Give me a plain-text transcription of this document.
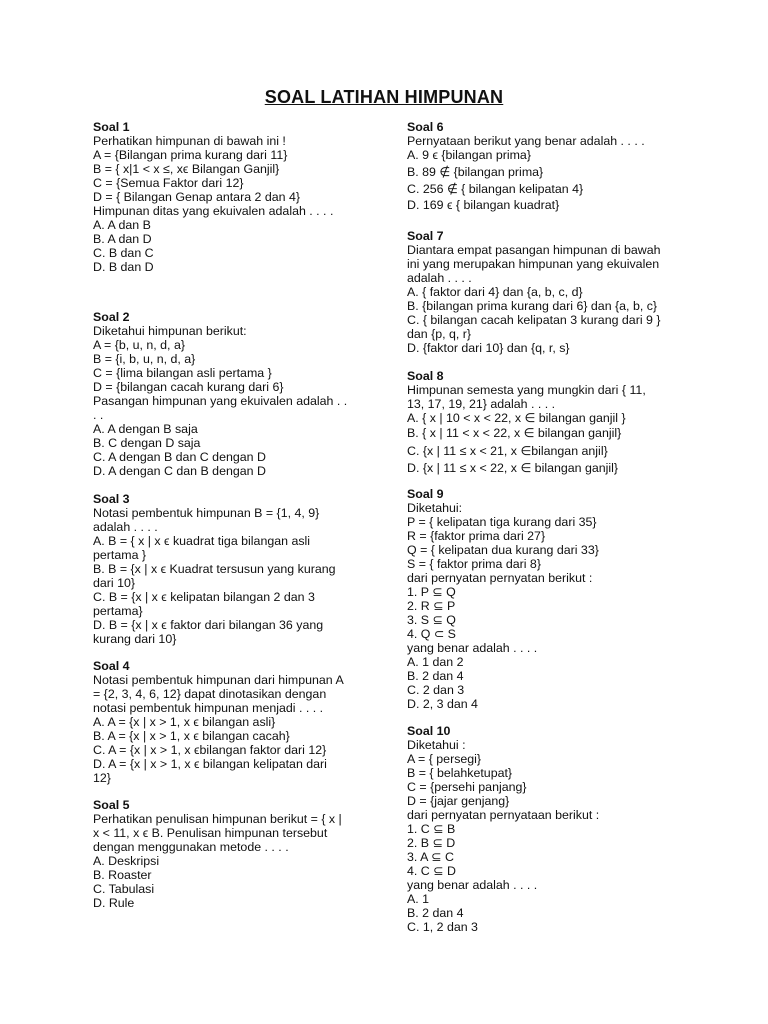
SOAL LATIHAN HIMPUNAN
Soal 1
Perhatikan himpunan di bawah ini !
A = {Bilangan prima kurang dari 11}
B = { x|1 < x ≤, xϵ Bilangan Ganjil}
C = {Semua Faktor dari 12}
D = { Bilangan Genap antara 2 dan 4}
Himpunan ditas yang ekuivalen adalah . . . .
A. A dan B
B. A dan D
C. B dan C
D. B dan D
Soal 2
Diketahui himpunan berikut:
A = {b, u, n, d, a}
B = {i, b, u, n, d, a}
C = {lima bilangan asli pertama }
D = {bilangan cacah kurang dari 6}
Pasangan himpunan yang ekuivalen adalah . .
. .
A. A dengan B saja
B. C dengan D saja
C. A dengan B dan C dengan D
D. A dengan C dan B dengan D
Soal 3
Notasi pembentuk himpunan B = {1, 4, 9}
adalah . . . .
A. B = { x | x ϵ kuadrat tiga bilangan asli
pertama }
B. B = {x | x ϵ Kuadrat tersusun yang kurang
dari 10}
C. B = {x | x ϵ kelipatan bilangan 2 dan 3
pertama}
D. B = {x | x ϵ faktor dari bilangan 36 yang
kurang dari 10}
Soal 4
Notasi pembentuk himpunan dari himpunan A
= {2, 3, 4, 6, 12} dapat dinotasikan dengan
notasi pembentuk himpunan menjadi . . . .
A. A = {x | x > 1, x ϵ bilangan asli}
B. A = {x | x > 1, x ϵ bilangan cacah}
C. A = {x | x > 1, x ϵbilangan faktor dari 12}
D. A = {x | x > 1, x ϵ bilangan kelipatan dari
12}
Soal 5
Perhatikan penulisan himpunan berikut = { x |
x < 11, x ϵ B. Penulisan himpunan tersebut
dengan menggunakan metode . . . .
A. Deskripsi
B. Roaster
C. Tabulasi
D. Rule
Soal 6
Pernyataan berikut yang benar adalah . . . .
A. 9 ϵ {bilangan prima}
B. 89 ∉ {bilangan prima}
C. 256 ∉ { bilangan kelipatan 4}
D. 169 ϵ { bilangan kuadrat}
Soal 7
Diantara empat pasangan himpunan di bawah
ini yang merupakan himpunan yang ekuivalen
adalah . . . .
A. { faktor dari 4} dan {a, b, c, d}
B. {bilangan prima kurang dari 6} dan {a, b, c}
C. { bilangan cacah kelipatan 3 kurang dari 9 }
dan {p, q, r}
D. {faktor dari 10} dan {q, r, s}
Soal 8
Himpunan semesta yang mungkin dari { 11,
13, 17, 19, 21} adalah . . . .
A. { x | 10 < x < 22, x ∈ bilangan ganjil }
B. { x | 11 < x < 22, x ∈ bilangan ganjil}
C. {x | 11 ≤ x < 21, x ∈bilangan anjil}
D. {x | 11 ≤ x < 22, x ∈ bilangan ganjil}
Soal 9
Diketahui:
P = { kelipatan tiga kurang dari 35}
R = {faktor prima dari 27}
Q = { kelipatan dua kurang dari 33}
S = { faktor prima dari 8}
dari pernyatan pernyatan berikut :
1. P ⊆ Q
2. R ⊆ P
3. S ⊆ Q
4. Q ⊂ S
yang benar adalah . . . .
A. 1 dan 2
B. 2 dan 4
C. 2 dan 3
D. 2, 3 dan 4
Soal 10
Diketahui :
A = { persegi}
B = { belahketupat}
C = {persehi panjang}
D = {jajar genjang}
dari pernyatan pernyataan berikut :
1. C ⊆ B
2. B ⊆ D
3. A ⊆ C
4. C ⊆ D
yang benar adalah . . . .
A. 1
B. 2 dan 4
C. 1, 2 dan 3
